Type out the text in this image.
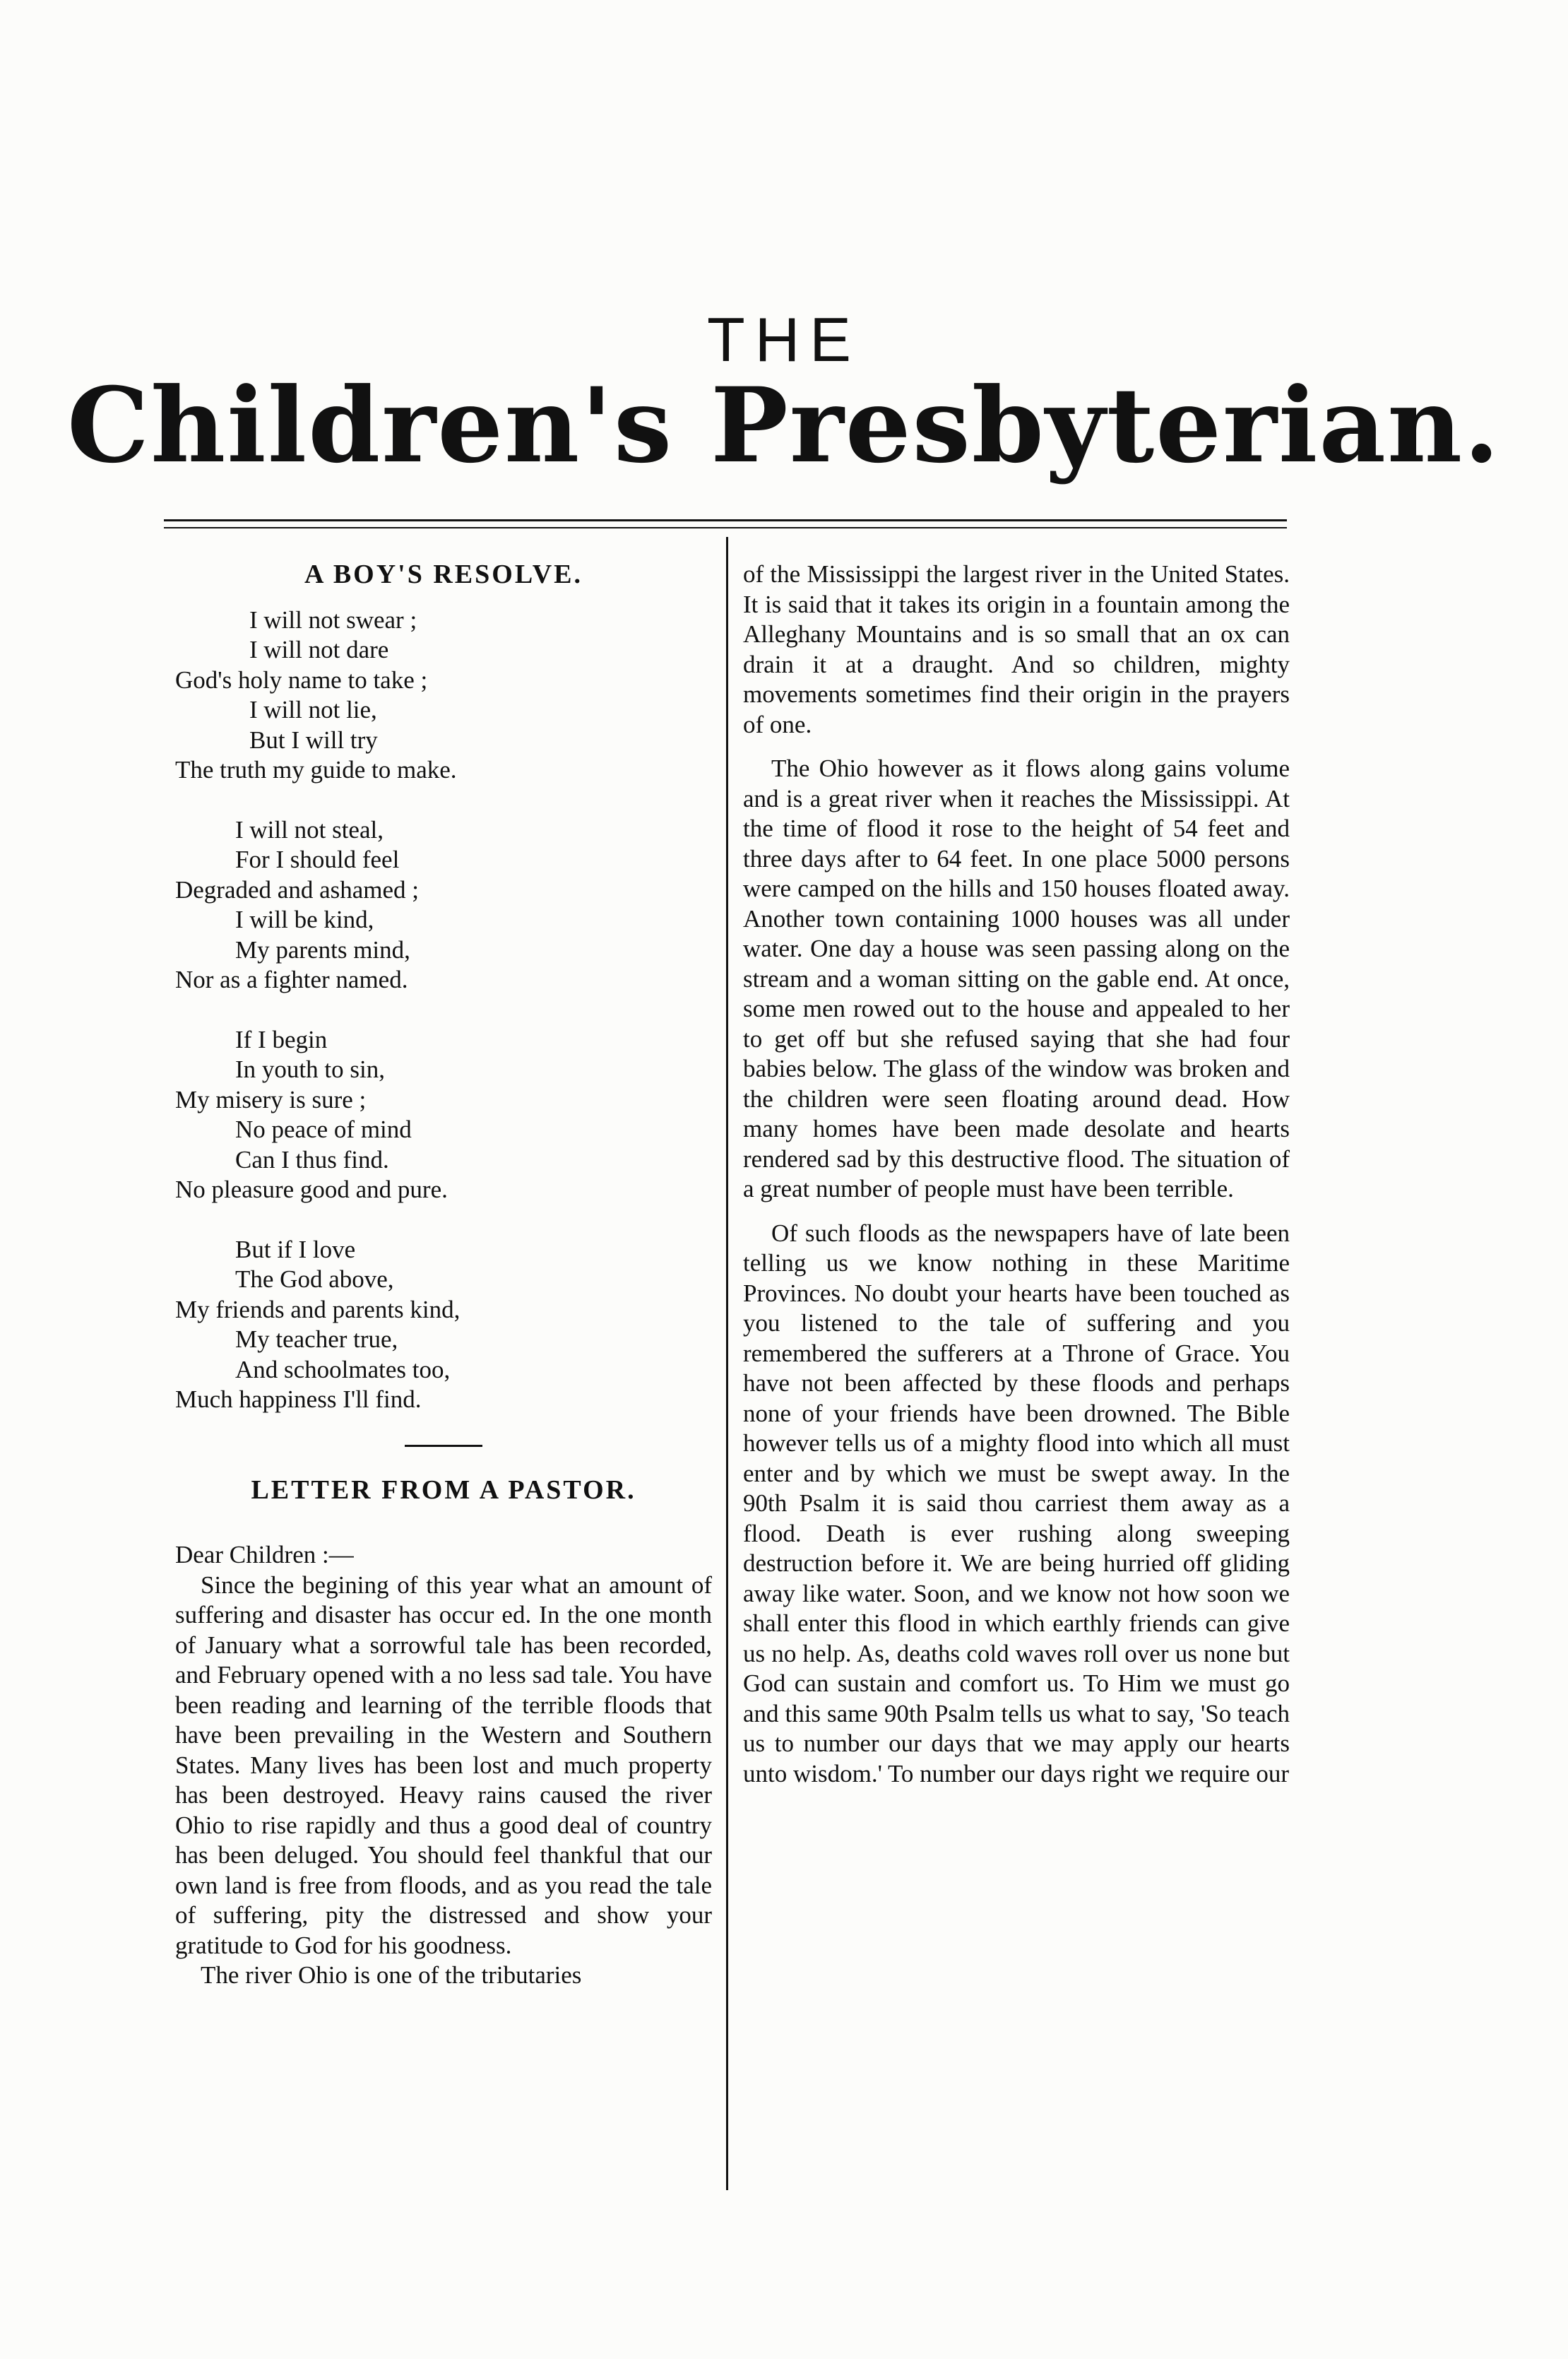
THE
Children's Presbyterian.
A BOY'S RESOLVE.
I will not swear ;
I will not dare
God's holy name to take ;
I will not lie,
But I will try
The truth my guide to make.
I will not steal,
For I should feel
Degraded and ashamed ;
I will be kind,
My parents mind,
Nor as a fighter named.
If I begin
In youth to sin,
My misery is sure ;
No peace of mind
Can I thus find.
No pleasure good and pure.
But if I love
The God above,
My friends and parents kind,
My teacher true,
And schoolmates too,
Much happiness I'll find.
LETTER FROM A PASTOR.
Dear Children :—

Since the begining of this year what an amount of suffering and disaster has occur ed. In the one month of January what a sorrowful tale has been recorded, and February opened with a no less sad tale. You have been reading and learning of the terrible floods that have been prevailing in the Western and Southern States. Many lives has been lost and much property has been destroyed. Heavy rains caused the river Ohio to rise rapidly and thus a good deal of country has been deluged. You should feel thankful that our own land is free from floods, and as you read the tale of suffering, pity the distressed and show your gratitude to God for his goodness.

The river Ohio is one of the tributaries

of the Mississippi the largest river in the United States. It is said that it takes its origin in a fountain among the Alleghany Mountains and is so small that an ox can drain it at a draught. And so children, mighty movements sometimes find their origin in the prayers of one.

The Ohio however as it flows along gains volume and is a great river when it reaches the Mississippi. At the time of flood it rose to the height of 54 feet and three days after to 64 feet. In one place 5000 persons were camped on the hills and 150 houses floated away. Another town containing 1000 houses was all under water. One day a house was seen passing along on the stream and a woman sitting on the gable end. At once, some men rowed out to the house and appealed to her to get off but she refused saying that she had four babies below. The glass of the window was broken and the children were seen floating around dead. How many homes have been made desolate and hearts rendered sad by this destructive flood. The situation of a great number of people must have been terrible.

Of such floods as the newspapers have of late been telling us we know nothing in these Maritime Provinces. No doubt your hearts have been touched as you listened to the tale of suffering and you remembered the sufferers at a Throne of Grace. You have not been affected by these floods and perhaps none of your friends have been drowned. The Bible however tells us of a mighty flood into which all must enter and by which we must be swept away. In the 90th Psalm it is said thou carriest them away as a flood. Death is ever rushing along sweeping destruction before it. We are being hurried off gliding away like water. Soon, and we know not how soon we shall enter this flood in which earthly friends can give us no help. As, deaths cold waves roll over us none but God can sustain and comfort us. To Him we must go and this same 90th Psalm tells us what to say, 'So teach us to number our days that we may apply our hearts unto wisdom.' To number our days right we require our
